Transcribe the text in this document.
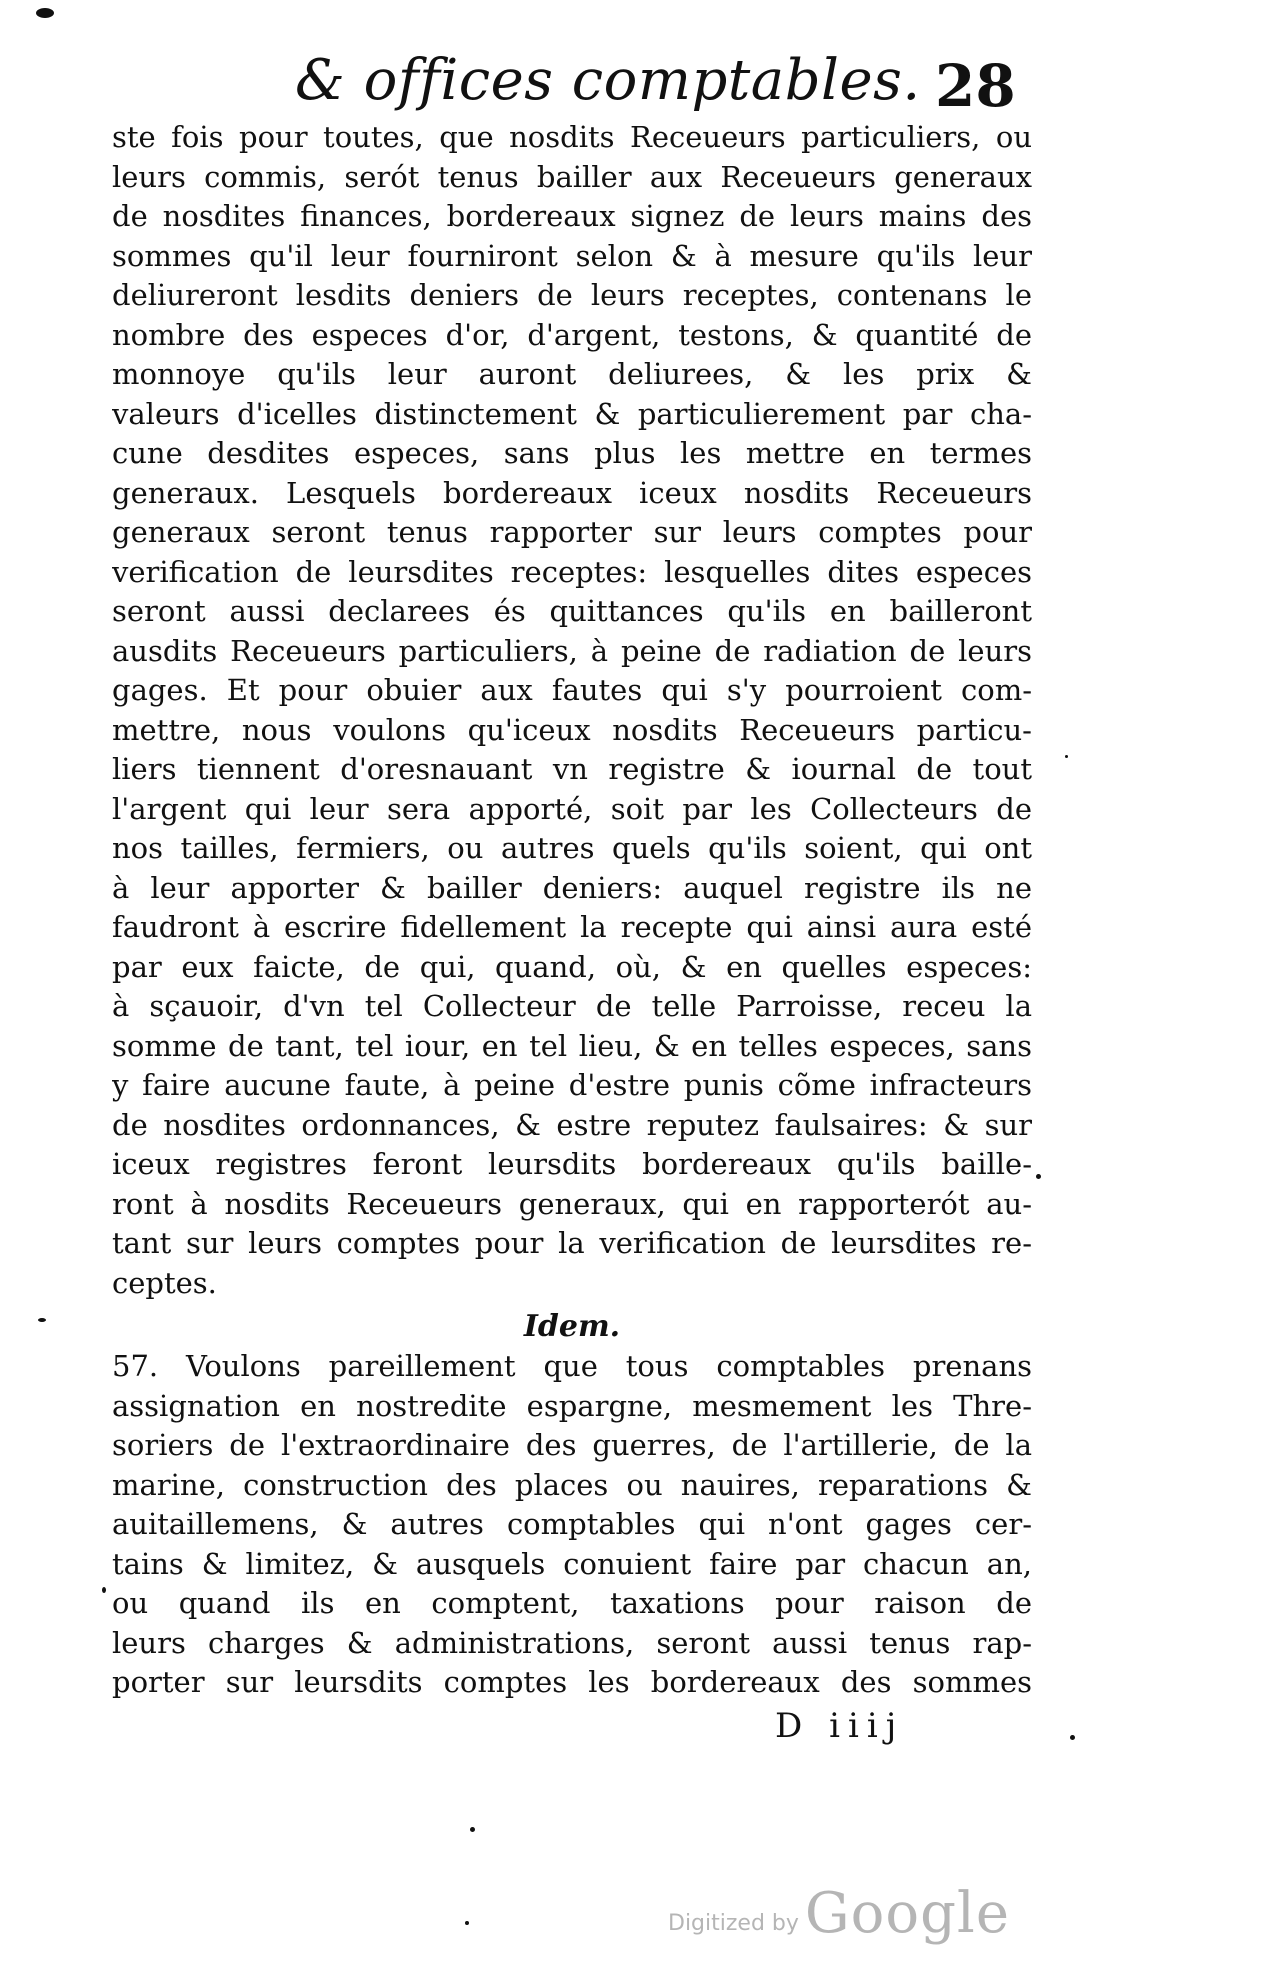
& offices comptables. 28
ste fois pour toutes, que nosdits Receueurs particuliers, ou
leurs commis, serót tenus bailler aux Receueurs generaux
de nosdites finances, bordereaux signez de leurs mains des
sommes qu'il leur fourniront selon & à mesure qu'ils leur
deliureront lesdits deniers de leurs receptes, contenans le
nombre des especes d'or, d'argent, testons, & quantité de
monnoye qu'ils leur auront deliurees, & les prix &
valeurs d'icelles distinctement & particulierement par cha-
cune desdites especes, sans plus les mettre en termes
generaux. Lesquels bordereaux iceux nosdits Receueurs
generaux seront tenus rapporter sur leurs comptes pour
verification de leursdites receptes: lesquelles dites especes
seront aussi declarees és quittances qu'ils en bailleront
ausdits Receueurs particuliers, à peine de radiation de leurs
gages. Et pour obuier aux fautes qui s'y pourroient com-
mettre, nous voulons qu'iceux nosdits Receueurs particu-
liers tiennent d'oresnauant vn registre & iournal de tout
l'argent qui leur sera apporté, soit par les Collecteurs de
nos tailles, fermiers, ou autres quels qu'ils soient, qui ont
à leur apporter & bailler deniers: auquel registre ils ne
faudront à escrire fidellement la recepte qui ainsi aura esté
par eux faicte, de qui, quand, où, & en quelles especes:
à sçauoir, d'vn tel Collecteur de telle Parroisse, receu la
somme de tant, tel iour, en tel lieu, & en telles especes, sans
y faire aucune faute, à peine d'estre punis cõme infracteurs
de nosdites ordonnances, & estre reputez faulsaires: & sur
iceux registres feront leursdits bordereaux qu'ils baille-
ront à nosdits Receueurs generaux, qui en rapporterót au-
tant sur leurs comptes pour la verification de leursdites re-
ceptes.
Idem.
57. Voulons pareillement que tous comptables prenans
assignation en nostredite espargne, mesmement les Thre-
soriers de l'extraordinaire des guerres, de l'artillerie, de la
marine, construction des places ou nauires, reparations &
auitaillemens, & autres comptables qui n'ont gages cer-
tains & limitez, & ausquels conuient faire par chacun an,
ou quand ils en comptent, taxations pour raison de
leurs charges & administrations, seront aussi tenus rap-
porter sur leursdits comptes les bordereaux des sommes
D iiij
Digitized by Google
